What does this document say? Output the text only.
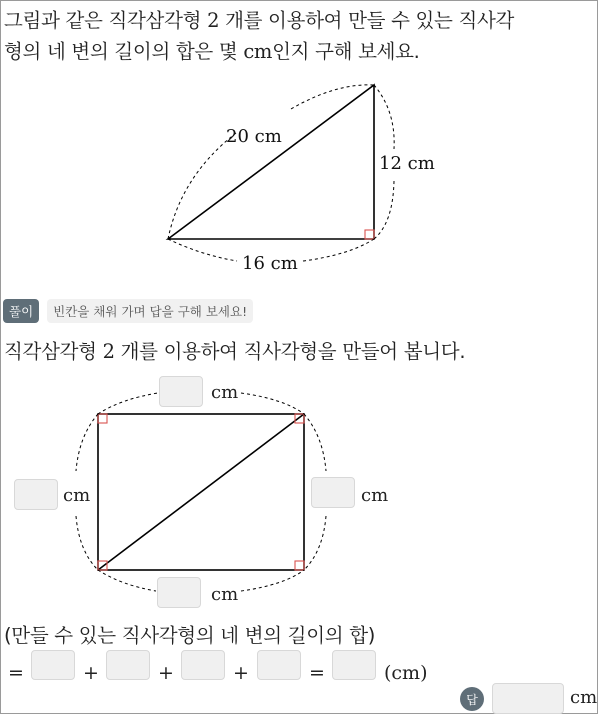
그림과 같은 직각삼각형 2 개를 이용하여 만들 수 있는 직사각
형의 네 변의 길이의 합은 몇 cm인지 구해 보세요.
20 cm
12 cm
16 cm
풀이	빈칸을 채워 가며 답을 구해 보세요!
직각삼각형 2 개를 이용하여 직사각형을 만들어 봅니다.
cm
cm	cm
cm
(만들 수 있는 직사각형의 네 변의 길이의 합)
=	+	+	+	=	(cm)
답	cm
